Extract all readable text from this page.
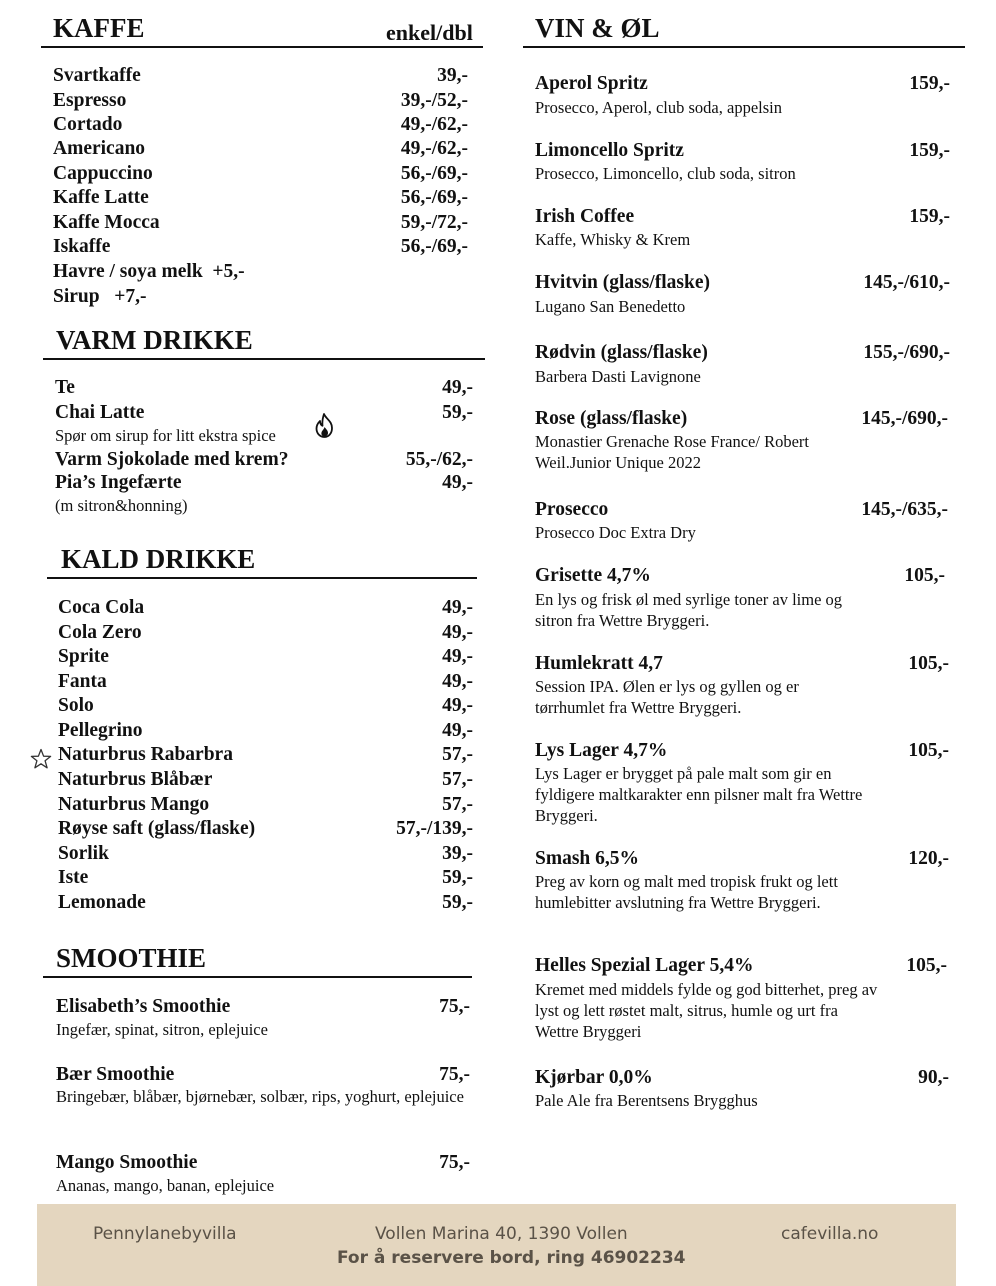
KAFFE	enkel/dbl
Svartkaffe	39,-
Espresso	39,-/52,-
Cortado	49,-/62,-
Americano	49,-/62,-
Cappuccino	56,-/69,-
Kaffe Latte	56,-/69,-
Kaffe Mocca	59,-/72,-
Iskaffe	56,-/69,-
Havre / soya melk  +5,-
Sirup   +7,-
VARM DRIKKE
Te	49,-
Chai Latte	59,-
Spør om sirup for litt ekstra spice
Varm Sjokolade med krem?	55,-/62,-
Pia’s Ingefærte	49,-
(m sitron&honning)
KALD DRIKKE
Coca Cola	49,-
Cola Zero	49,-
Sprite	49,-
Fanta	49,-
Solo	49,-
Pellegrino	49,-
Naturbrus Rabarbra	57,-
Naturbrus Blåbær	57,-
Naturbrus Mango	57,-
Røyse saft (glass/flaske)	57,-/139,-
Sorlik	39,-
Iste	59,-
Lemonade	59,-
SMOOTHIE
Elisabeth’s Smoothie	75,-
Ingefær, spinat, sitron, eplejuice
Bær Smoothie	75,-
Bringebær, blåbær, bjørnebær, solbær, rips, yoghurt, eplejuice
Mango Smoothie	75,-
Ananas, mango, banan, eplejuice
VIN & ØL
Aperol Spritz	159,-
Prosecco, Aperol, club soda, appelsin
Limoncello Spritz	159,-
Prosecco, Limoncello, club soda, sitron
Irish Coffee	159,-
Kaffe, Whisky & Krem
Hvitvin (glass/flaske)	145,-/610,-
Lugano San Benedetto
Rødvin (glass/flaske)	155,-/690,-
Barbera Dasti Lavignone
Rose (glass/flaske)	145,-/690,-
Monastier Grenache Rose France/ Robert Weil.Junior Unique 2022
Prosecco	145,-/635,-
Prosecco Doc Extra Dry
Grisette 4,7%	105,-
En lys og frisk øl med syrlige toner av lime og sitron fra Wettre Bryggeri.
Humlekratt 4,7	105,-
Session IPA. Ølen er lys og gyllen og er tørrhumlet fra Wettre Bryggeri.
Lys Lager 4,7%	105,-
Lys Lager er brygget på pale malt som gir en fyldigere maltkarakter enn pilsner malt fra Wettre Bryggeri.
Smash 6,5%	120,-
Preg av korn og malt med tropisk frukt og lett humlebitter avslutning fra Wettre Bryggeri.
Helles Spezial Lager 5,4%	105,-
Kremet med middels fylde og god bitterhet, preg av lyst og lett røstet malt, sitrus, humle og urt fra Wettre Bryggeri
Kjørbar 0,0%	90,-
Pale Ale fra Berentsens Brygghus
Pennylanebyvilla	Vollen Marina 40, 1390 Vollen	cafevilla.no
For å reservere bord, ring 46902234
